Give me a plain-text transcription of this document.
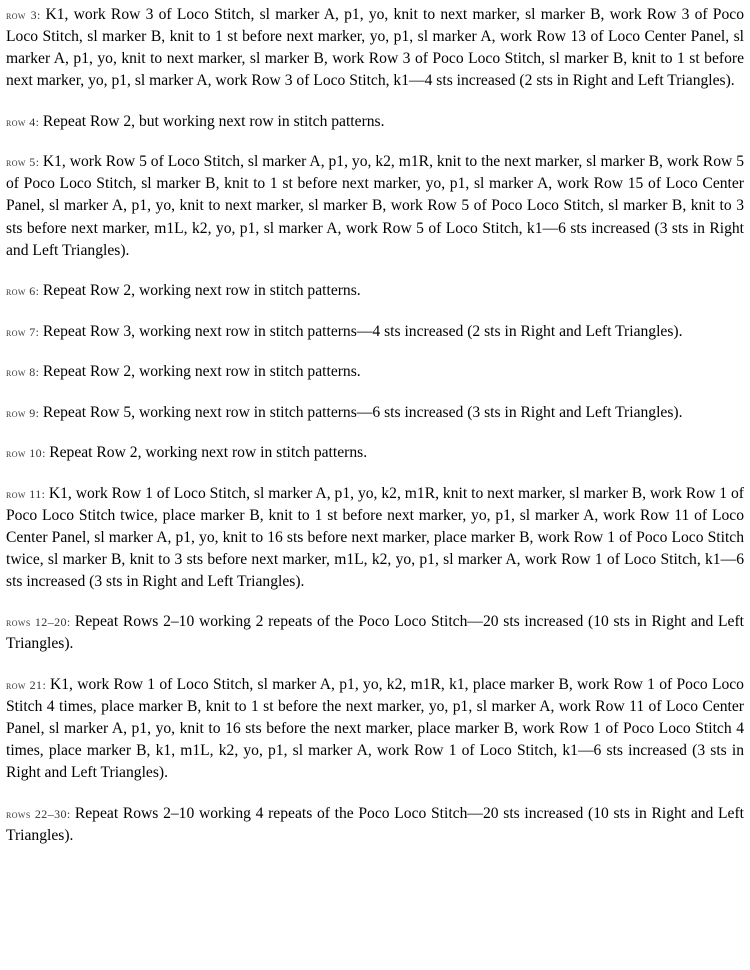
row 3 : K1, work Row 3 of Loco Stitch, sl marker A, p1, yo, knit to next marker, sl marker B, work Row 3 of Poco Loco Stitch, sl marker B, knit to 1 st before next marker, yo, p1, sl marker A, work Row 13 of Loco Center Panel, sl marker A, p1, yo, knit to next marker, sl marker B, work Row 3 of Poco Loco Stitch, sl marker B, knit to 1 st before next marker, yo, p1, sl marker A, work Row 3 of Loco Stitch, k1—4 sts increased (2 sts in Right and Left Triangles).

row 4 : Repeat Row 2, but working next row in stitch patterns.

row 5 : K1, work Row 5 of Loco Stitch, sl marker A, p1, yo, k2, m1R, knit to the next marker, sl marker B, work Row 5 of Poco Loco Stitch, sl marker B, knit to 1 st before next marker, yo, p1, sl marker A, work Row 15 of Loco Center Panel, sl marker A, p1, yo, knit to next marker, sl marker B, work Row 5 of Poco Loco Stitch, sl marker B, knit to 3 sts before next marker, m1L, k2, yo, p1, sl marker A, work Row 5 of Loco Stitch, k1—6 sts increased (3 sts in Right and Left Triangles).

row 6 : Repeat Row 2, working next row in stitch patterns.

row 7 : Repeat Row 3, working next row in stitch patterns—4 sts increased (2 sts in Right and Left Triangles).

row 8 : Repeat Row 2, working next row in stitch patterns.

row 9 : Repeat Row 5, working next row in stitch patterns—6 sts increased (3 sts in Right and Left Triangles).

row 10 : Repeat Row 2, working next row in stitch patterns.

row 11 : K1, work Row 1 of Loco Stitch, sl marker A, p1, yo, k2, m1R, knit to next marker, sl marker B, work Row 1 of Poco Loco Stitch twice, place marker B, knit to 1 st before next marker, yo, p1, sl marker A, work Row 11 of Loco Center Panel, sl marker A, p1, yo, knit to 16 sts before next marker, place marker B, work Row 1 of Poco Loco Stitch twice, sl marker B, knit to 3 sts before next marker, m1L, k2, yo, p1, sl marker A, work Row 1 of Loco Stitch, k1—6 sts increased (3 sts in Right and Left Triangles).

rows 12–20 : Repeat Rows 2–10 working 2 repeats of the Poco Loco Stitch—20 sts increased (10 sts in Right and Left Triangles).

row 21 : K1, work Row 1 of Loco Stitch, sl marker A, p1, yo, k2, m1R, k1, place marker B, work Row 1 of Poco Loco Stitch 4 times, place marker B, knit to 1 st before the next marker, yo, p1, sl marker A, work Row 11 of Loco Center Panel, sl marker A, p1, yo, knit to 16 sts before the next marker, place marker B, work Row 1 of Poco Loco Stitch 4 times, place marker B, k1, m1L, k2, yo, p1, sl marker A, work Row 1 of Loco Stitch, k1—6 sts increased (3 sts in Right and Left Triangles).

rows 22–30 : Repeat Rows 2–10 working 4 repeats of the Poco Loco Stitch—20 sts increased (10 sts in Right and Left Triangles).
